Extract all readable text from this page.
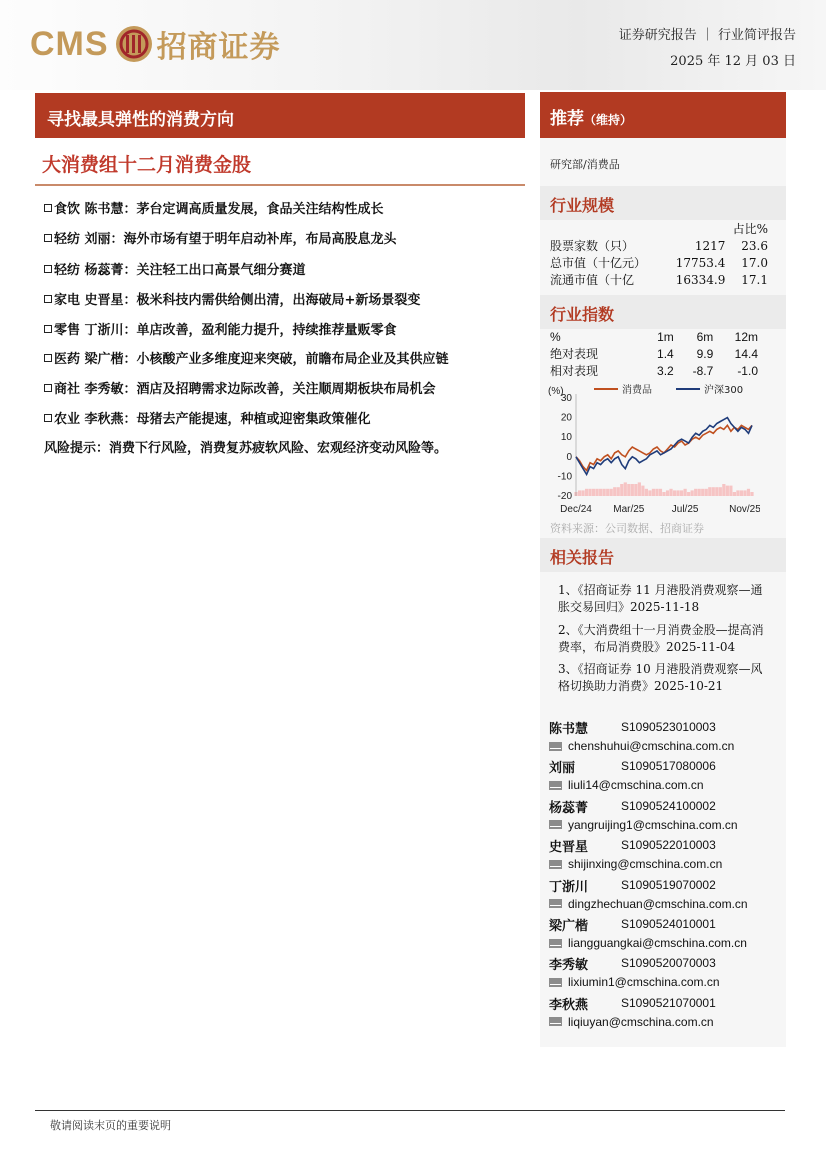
CMS 招商证券	证券研究报告 ｜ 行业简评报告
2025 年 12 月 03 日
寻找最具弹性的消费方向
大消费组十二月消费金股
食饮 陈书慧：茅台定调高质量发展，食品关注结构性成长
轻纺 刘丽：海外市场有望于明年启动补库，布局高股息龙头
轻纺 杨蕊菁：关注轻工出口高景气细分赛道
家电 史晋星：极米科技内需供给侧出清，出海破局+新场景裂变
零售 丁浙川：单店改善，盈利能力提升，持续推荐量贩零食
医药 梁广楷：小核酸产业多维度迎来突破，前瞻布局企业及其供应链
商社 李秀敏：酒店及招聘需求边际改善，关注顺周期板块布局机会
农业 李秋燕：母猪去产能提速，种植或迎密集政策催化
风险提示：消费下行风险，消费复苏疲软风险、宏观经济变动风险等。
推荐（维持）
研究部/消费品
行业规模
		占比%
股票家数（只）	1217	23.6
总市值（十亿元）	17753.4	17.0
流通市值（十亿	16334.9	17.1
行业指数
%	1m	6m	12m
绝对表现	1.4	9.9	14.4
相对表现	3.2	-8.7	-1.0
-20
-10
0
10
20
30
(%)
Dec/24 Mar/25	Jul/25	Nov/25
消费品	沪深300
资料来源：公司数据、招商证券
相关报告
1、《招商证券 11 月港股消费观察—通胀交易回归》2025-11-18
2、《大消费组十一月消费金股—提高消费率，布局消费股》2025-11-04
3、《招商证券 10 月港股消费观察—风格切换助力消费》2025-10-21
陈书慧	S1090523010003
chenshuhui@cmschina.com.cn
刘丽	S1090517080006
liuli14@cmschina.com.cn
杨蕊菁	S1090524100002
yangruijing1@cmschina.com.cn
史晋星	S1090522010003
shijinxing@cmschina.com.cn
丁浙川	S1090519070002
dingzhechuan@cmschina.com.cn
梁广楷	S1090524010001
liangguangkai@cmschina.com.cn
李秀敏	S1090520070003
lixiumin1@cmschina.com.cn
李秋燕	S1090521070001
liqiuyan@cmschina.com.cn
敬请阅读末页的重要说明
